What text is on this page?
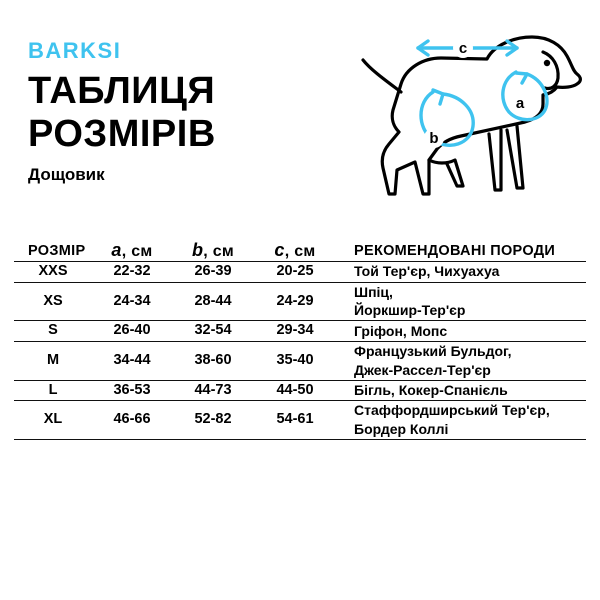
BARKSI
ТАБЛИЦЯ
РОЗМІРІВ
Дощовик
a
b
c
РОЗМІР	a, см	b, см	c, см	РЕКОМЕНДОВАНІ ПОРОДИ
XXS	22-32	26-39	20-25	Той Тер'єр, Чихуахуа
XS	24-34	28-44	24-29	Шпіц,
Йоркшир-Тер'єр
S	26-40	32-54	29-34	Гріфон, Мопс
M	34-44	38-60	35-40	Французький Бульдог,
Джек-Рассел-Тер'єр
L	36-53	44-73	44-50	Бігль, Кокер-Спанієль
XL	46-66	52-82	54-61	Стаффордширський Тер'єр,
Бордер Коллі
